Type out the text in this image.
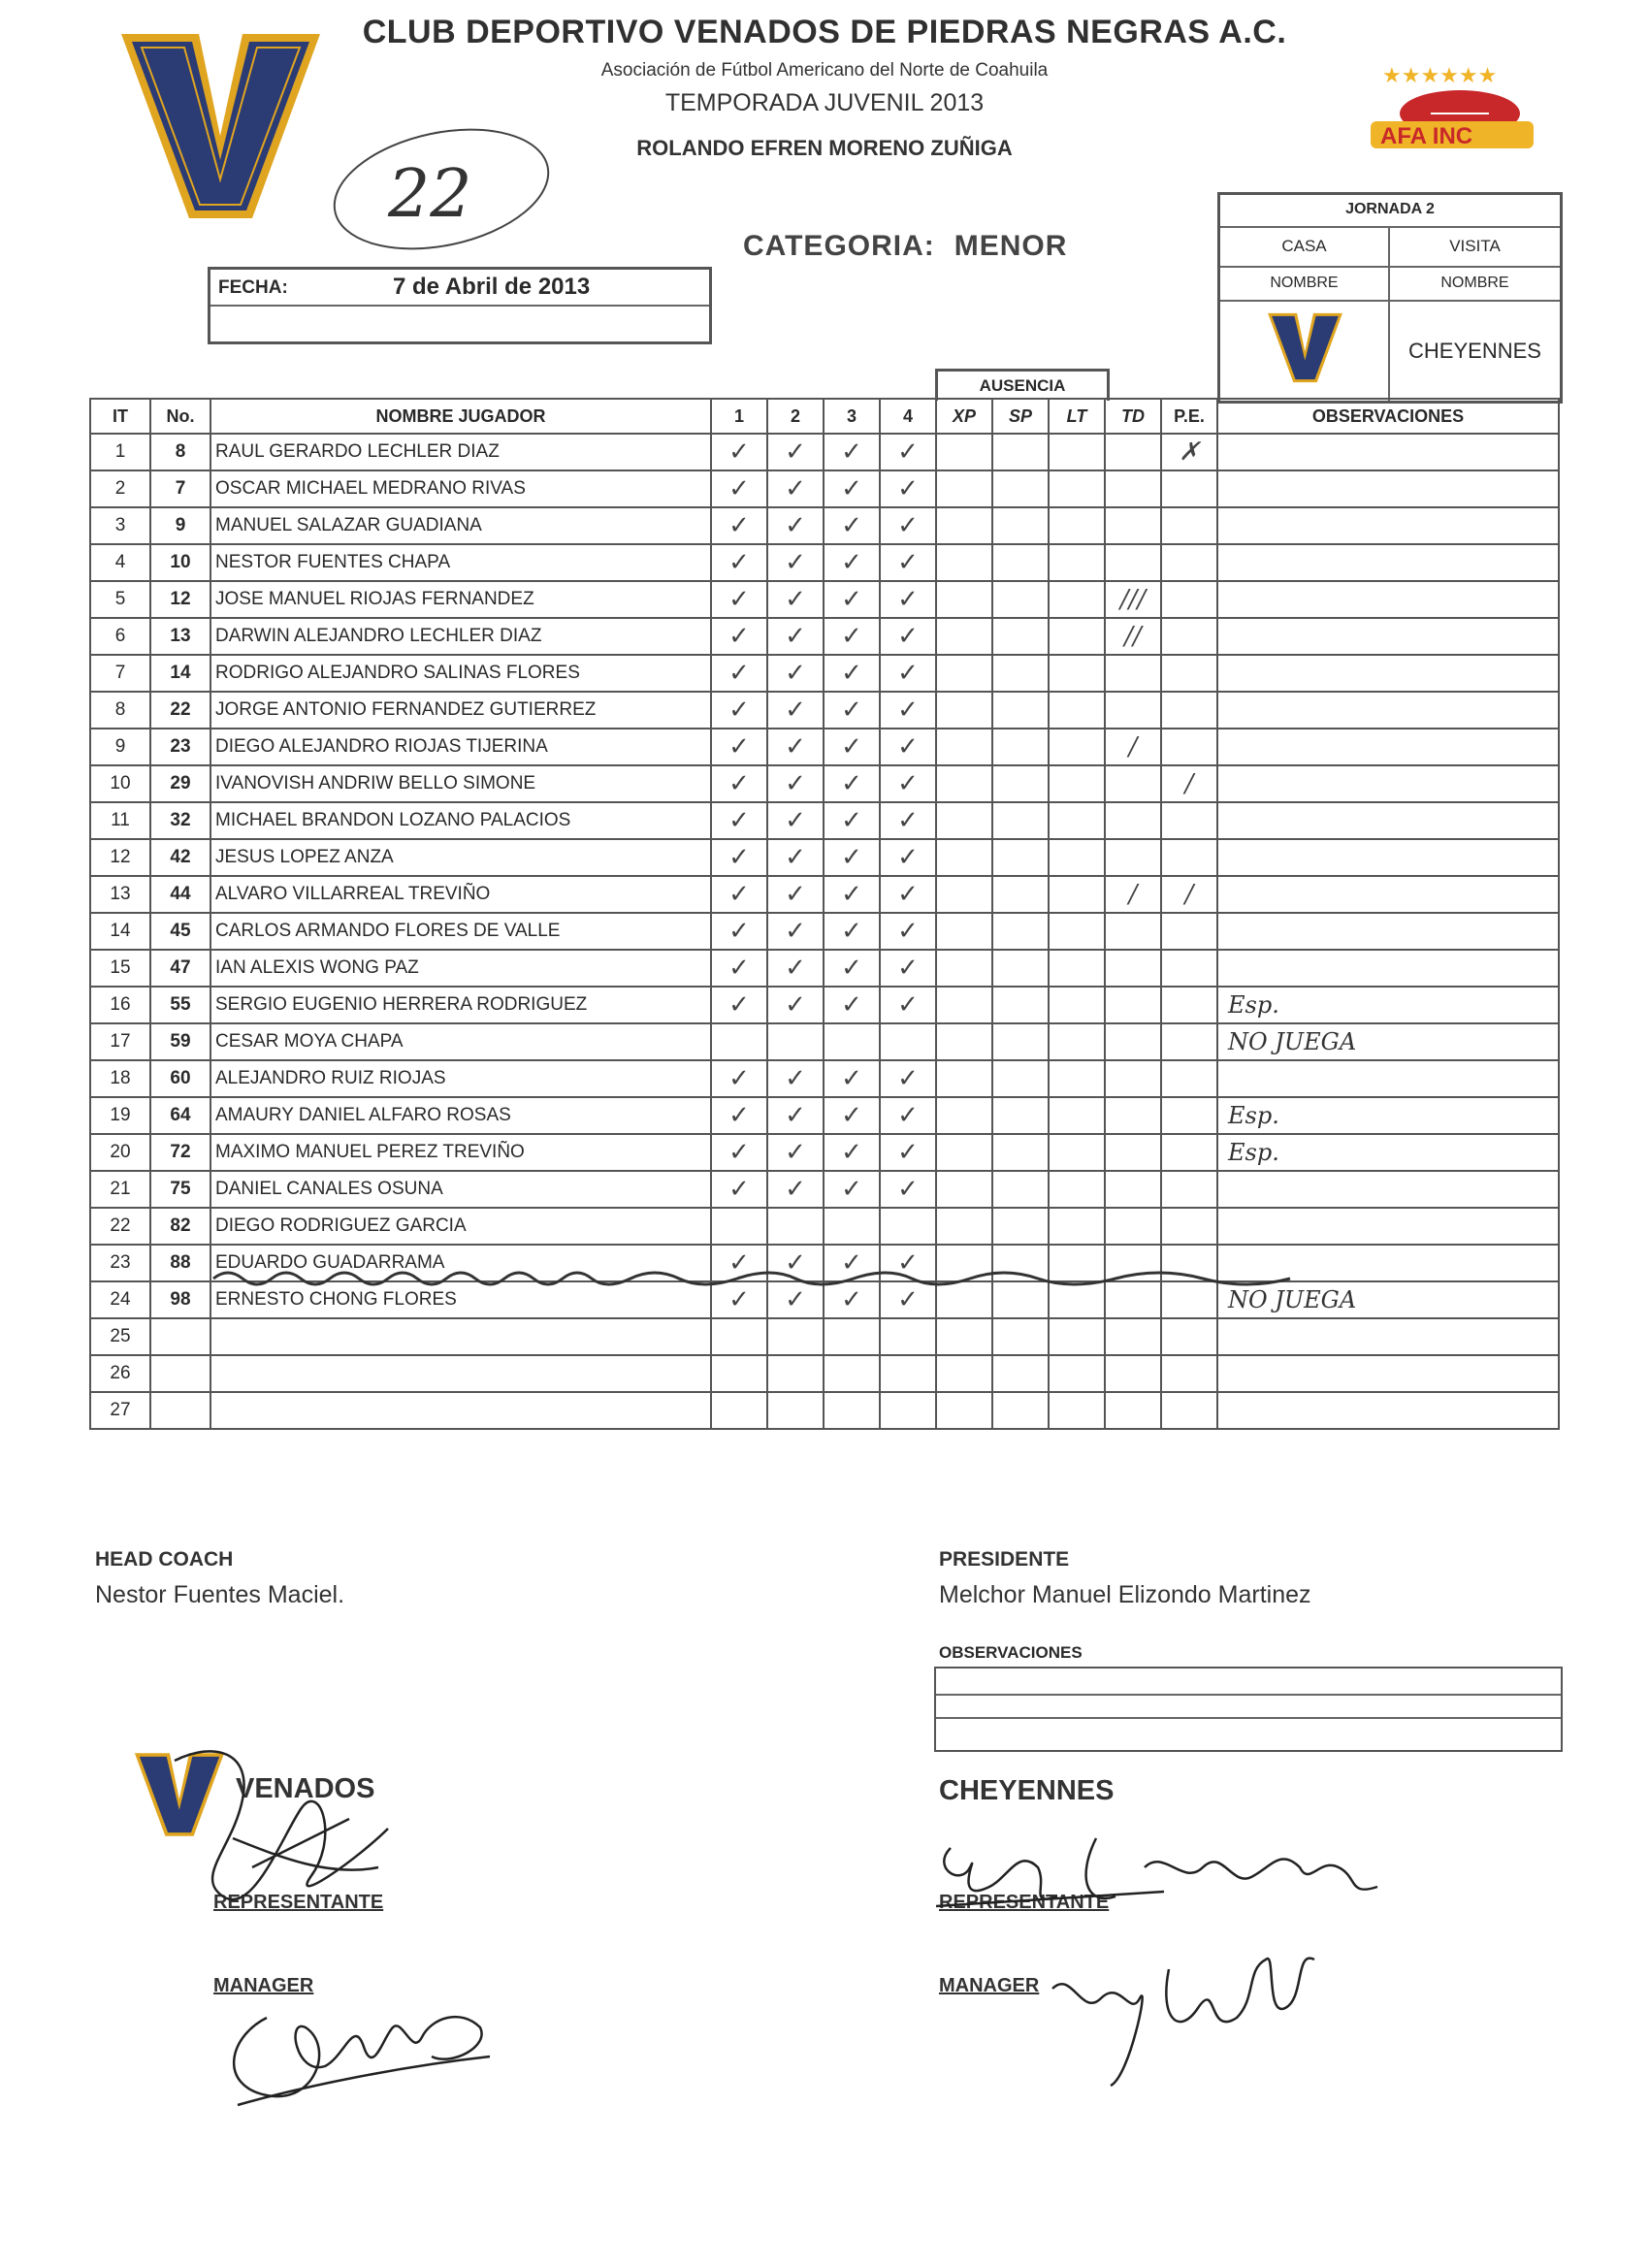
22
★★★★★★
AFA INC
CLUB DEPORTIVO VENADOS DE PIEDRAS NEGRAS A.C.
Asociación de Fútbol Americano del Norte de Coahuila
TEMPORADA JUVENIL 2013
ROLANDO EFREN MORENO ZUÑIGA
CATEGORIA: MENOR
FECHA:	7 de Abril de 2013
JORNADA 2
CASA	VISITA
NOMBRE	NOMBRE
CHEYENNES
AUSENCIA
IT	No.	NOMBRE JUGADOR	1	2	3	4	XP	SP	LT	TD	P.E.	OBSERVACIONES
1	8	RAUL GERARDO LECHLER DIAZ	✓	✓	✓	✓					✗	
2	7	OSCAR MICHAEL MEDRANO RIVAS	✓	✓	✓	✓						
3	9	MANUEL SALAZAR GUADIANA	✓	✓	✓	✓						
4	10	NESTOR FUENTES CHAPA	✓	✓	✓	✓						
5	12	JOSE MANUEL RIOJAS FERNANDEZ	✓	✓	✓	✓				///		
6	13	DARWIN ALEJANDRO LECHLER DIAZ	✓	✓	✓	✓				//		
7	14	RODRIGO ALEJANDRO SALINAS FLORES	✓	✓	✓	✓						
8	22	JORGE ANTONIO FERNANDEZ GUTIERREZ	✓	✓	✓	✓						
9	23	DIEGO ALEJANDRO RIOJAS TIJERINA	✓	✓	✓	✓				/		
10	29	IVANOVISH ANDRIW BELLO SIMONE	✓	✓	✓	✓					/	
11	32	MICHAEL BRANDON LOZANO PALACIOS	✓	✓	✓	✓						
12	42	JESUS LOPEZ ANZA	✓	✓	✓	✓						
13	44	ALVARO VILLARREAL TREVIÑO	✓	✓	✓	✓				/	/	
14	45	CARLOS ARMANDO FLORES DE VALLE	✓	✓	✓	✓						
15	47	IAN ALEXIS WONG PAZ	✓	✓	✓	✓						
16	55	SERGIO EUGENIO HERRERA RODRIGUEZ	✓	✓	✓	✓						Esp.
17	59	CESAR MOYA CHAPA										NO JUEGA
18	60	ALEJANDRO RUIZ RIOJAS	✓	✓	✓	✓						
19	64	AMAURY DANIEL ALFARO ROSAS	✓	✓	✓	✓						Esp.
20	72	MAXIMO MANUEL PEREZ TREVIÑO	✓	✓	✓	✓						Esp.
21	75	DANIEL CANALES OSUNA	✓	✓	✓	✓						
22	82	DIEGO RODRIGUEZ GARCIA										
23	88	EDUARDO GUADARRAMA	✓	✓	✓	✓						
24	98	ERNESTO CHONG FLORES	✓	✓	✓	✓						NO JUEGA
25												
26												
27												
HEAD COACH
Nestor Fuentes Maciel.
PRESIDENTE
Melchor Manuel Elizondo Martinez
OBSERVACIONES
VENADOS
REPRESENTANTE
MANAGER
CHEYENNES
REPRESENTANTE
MANAGER
